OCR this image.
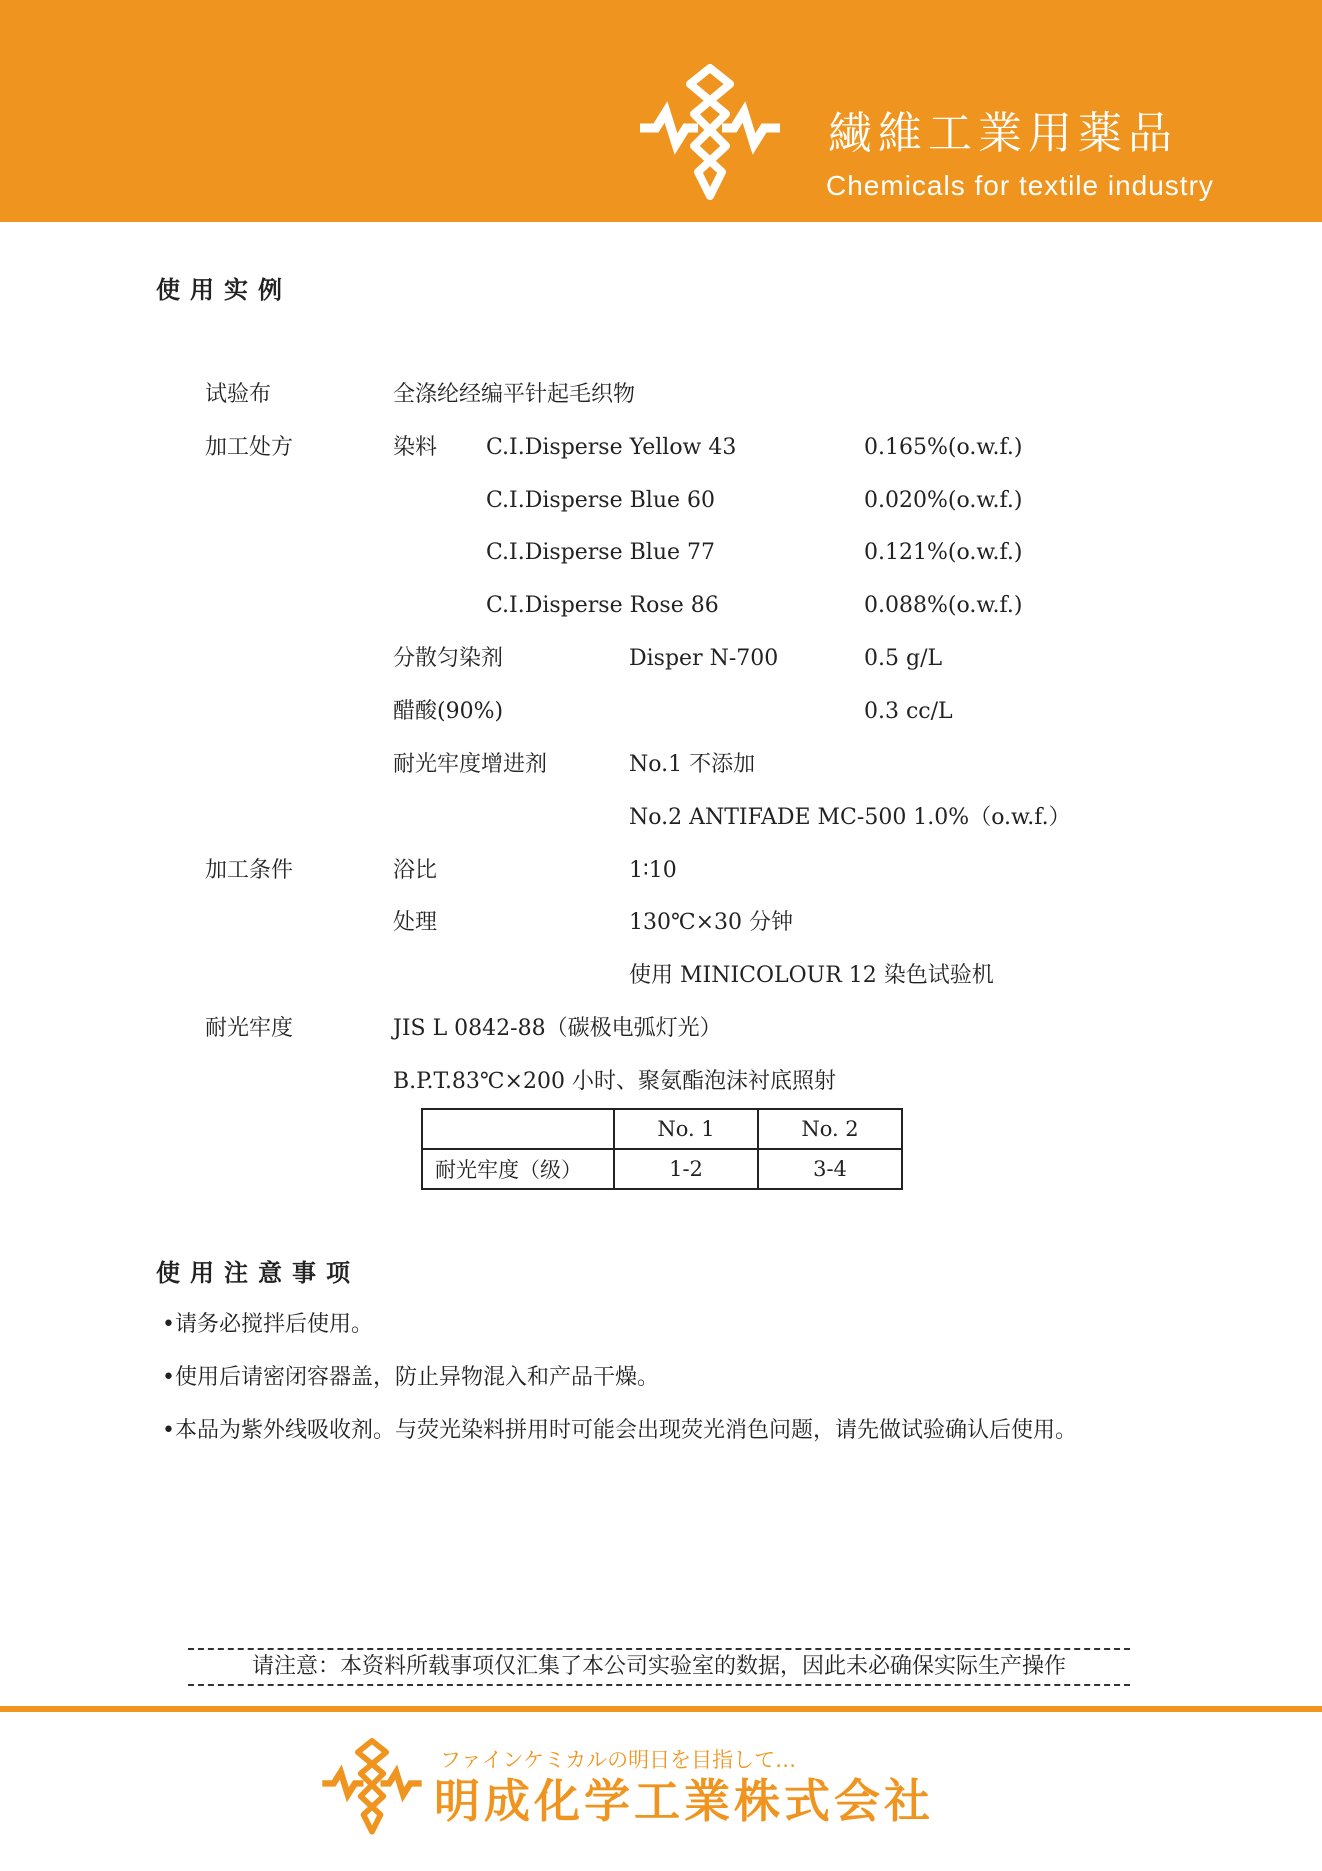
繊維工業用薬品
Chemicals for textile industry
使用实例
试验布	全涤纶经编平针起毛织物
加工处方	染料 C.I.Disperse Yellow 43	0.165%(o.w.f.)
C.I.Disperse Blue 60	0.020%(o.w.f.)
C.I.Disperse Blue 77	0.121%(o.w.f.)
C.I.Disperse Rose 86	0.088%(o.w.f.)
分散匀染剂	Disper N-700	0.5 g/L
醋酸(90%)	0.3 cc/L
耐光牢度增进剂	No.1 不添加
No.2 ANTIFADE MC-500 1.0%（o.w.f.）
加工条件	浴比	1∶10
处理	130℃×30 分钟
使用 MINICOLOUR 12 染色试验机
耐光牢度	JIS L 0842-88（碳极电弧灯光）
B.P.T.83℃×200 小时、聚氨酯泡沫衬底照射
	No. 1	No. 2
耐光牢度（级）	1-2	3-4
使用注意事项
•请务必搅拌后使用。
•使用后请密闭容器盖，防止异物混入和产品干燥。
•本品为紫外线吸收剂。与荧光染料拼用时可能会出现荧光消色问题，请先做试验确认后使用。
请注意：本资料所载事项仅汇集了本公司实验室的数据，因此未必确保实际生产操作
ファインケミカルの明日を目指して…
明成化学工業株式会社
